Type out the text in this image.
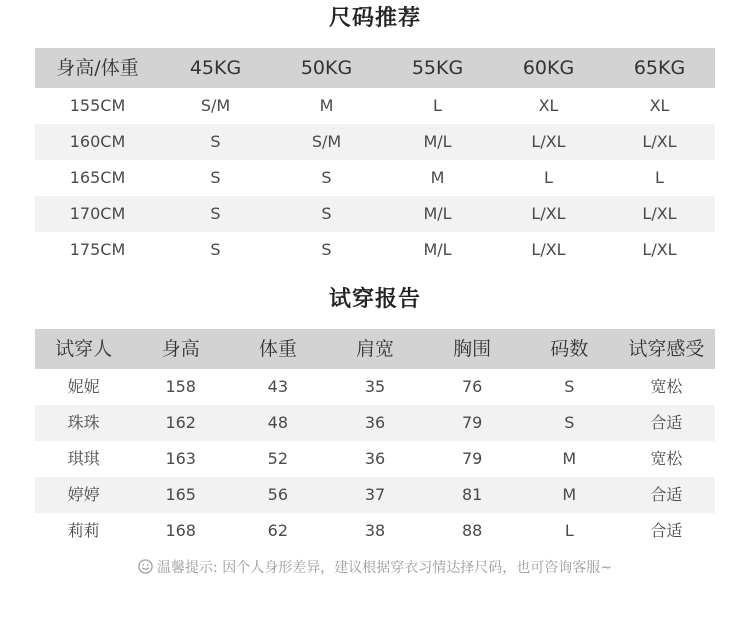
尺码推荐
身高/体重	45KG	50KG	55KG	60KG	65KG
155CM	S/M	M	L	XL	XL
160CM	S	S/M	M/L	L/XL	L/XL
165CM	S	S	M	L	L
170CM	S	S	M/L	L/XL	L/XL
175CM	S	S	M/L	L/XL	L/XL
试穿报告
试穿人	身高	体重	肩宽	胸围	码数	试穿感受
妮妮	158	43	35	76	S	宽松
珠珠	162	48	36	79	S	合适
琪琪	163	52	36	79	M	宽松
婷婷	165	56	37	81	M	合适
莉莉	168	62	38	88	L	合适
温馨提示: 因个人身形差异，建议根据穿衣习情达择尺码，也可咨询客服~
